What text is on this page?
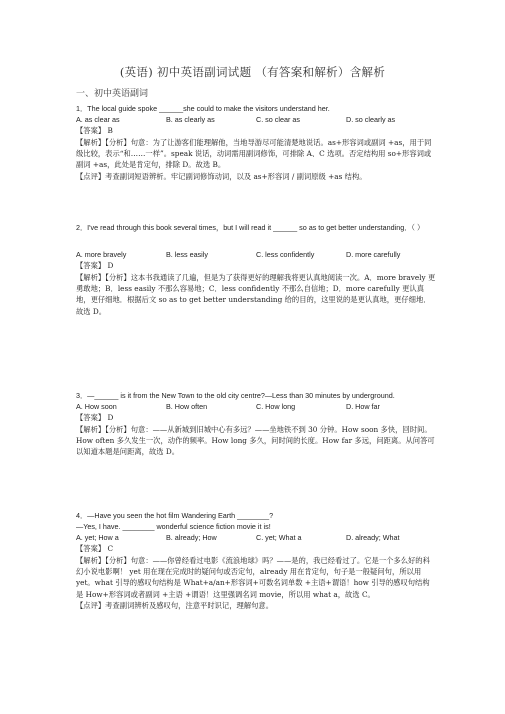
(英语) 初中英语副词试题 （有答案和解析）含解析
一、初中英语副词

1．The local guide spoke ______she could to make the visitors understand her.

A. as clear as	B. as clearly as	C. so clear as	D. so clearly as

【答案】 B

【解析】【分析】句意：为了让游客们能理解他，当地导游尽可能清楚地说话。as+形容词或副词 +as，用于同级比较，表示“和……一样”。speak 说话，动词需用副词修饰，可排除 A、C 选项。否定结构用 so+形容词或副词 +as，此处是肯定句，排除 D。故选 B。

【点评】考查副词短语辨析。牢记副词修饰动词，以及 as+形容词 / 副词原级 +as 结构。

2．I've read through this book several times，but I will read it ______ so as to get better understanding．（ ）

A. more bravely	B. less easily	C. less confidently	D. more carefully

【答案】 D

【解析】【分析】这本书我通读了几遍，但是为了获得更好的理解我将更认真地阅读一次。A．more bravely 更勇敢地；B．less easily 不那么容易地；C．less confidently 不那么自信地；D．more carefully 更认真地，更仔细地．根据后文 so as to get better understanding 给的目的，这里说的是更认真地，更仔细地．故选 D。

3．—______ is it from the New Town to the old city centre?—Less than 30 minutes by underground.

A. How soon	B. How often	C. How long	D. How far

【答案】 D

【解析】【分析】句意：——从新城到旧城中心有多远？——坐地铁不到 30 分钟。How soon 多快，回时间。How often 多久发生一次，动作的频率。How long 多久，问时间的长度。How far 多远，问距离。从问答可以知道本题是问距离，故选 D。

4．—Have you seen the hot film Wandering Earth ________?

—Yes, I have. ________ wonderful science fiction movie it is!

A. yet; How a	B. already; How	C. yet; What a	D. already; What

【答案】 C

【解析】【分析】句意：——你曾经看过电影《流浪地球》吗？——是的，我已经看过了。它是一个多么好的科幻小说电影啊！ yet 用在现在完成时的疑问句或否定句，already 用在肯定句，句子是一般疑问句，所以用 yet。what 引导的感叹句结构是 What+a/an+形容词+可数名词单数 +主语+谓语！how 引导的感叹句结构是 How+形容词或者副词 +主语 +谓语！这里强调名词 movie，所以用 what a，故选 C。

【点评】考查副词辨析及感叹句，注意平时识记，理解句意。
